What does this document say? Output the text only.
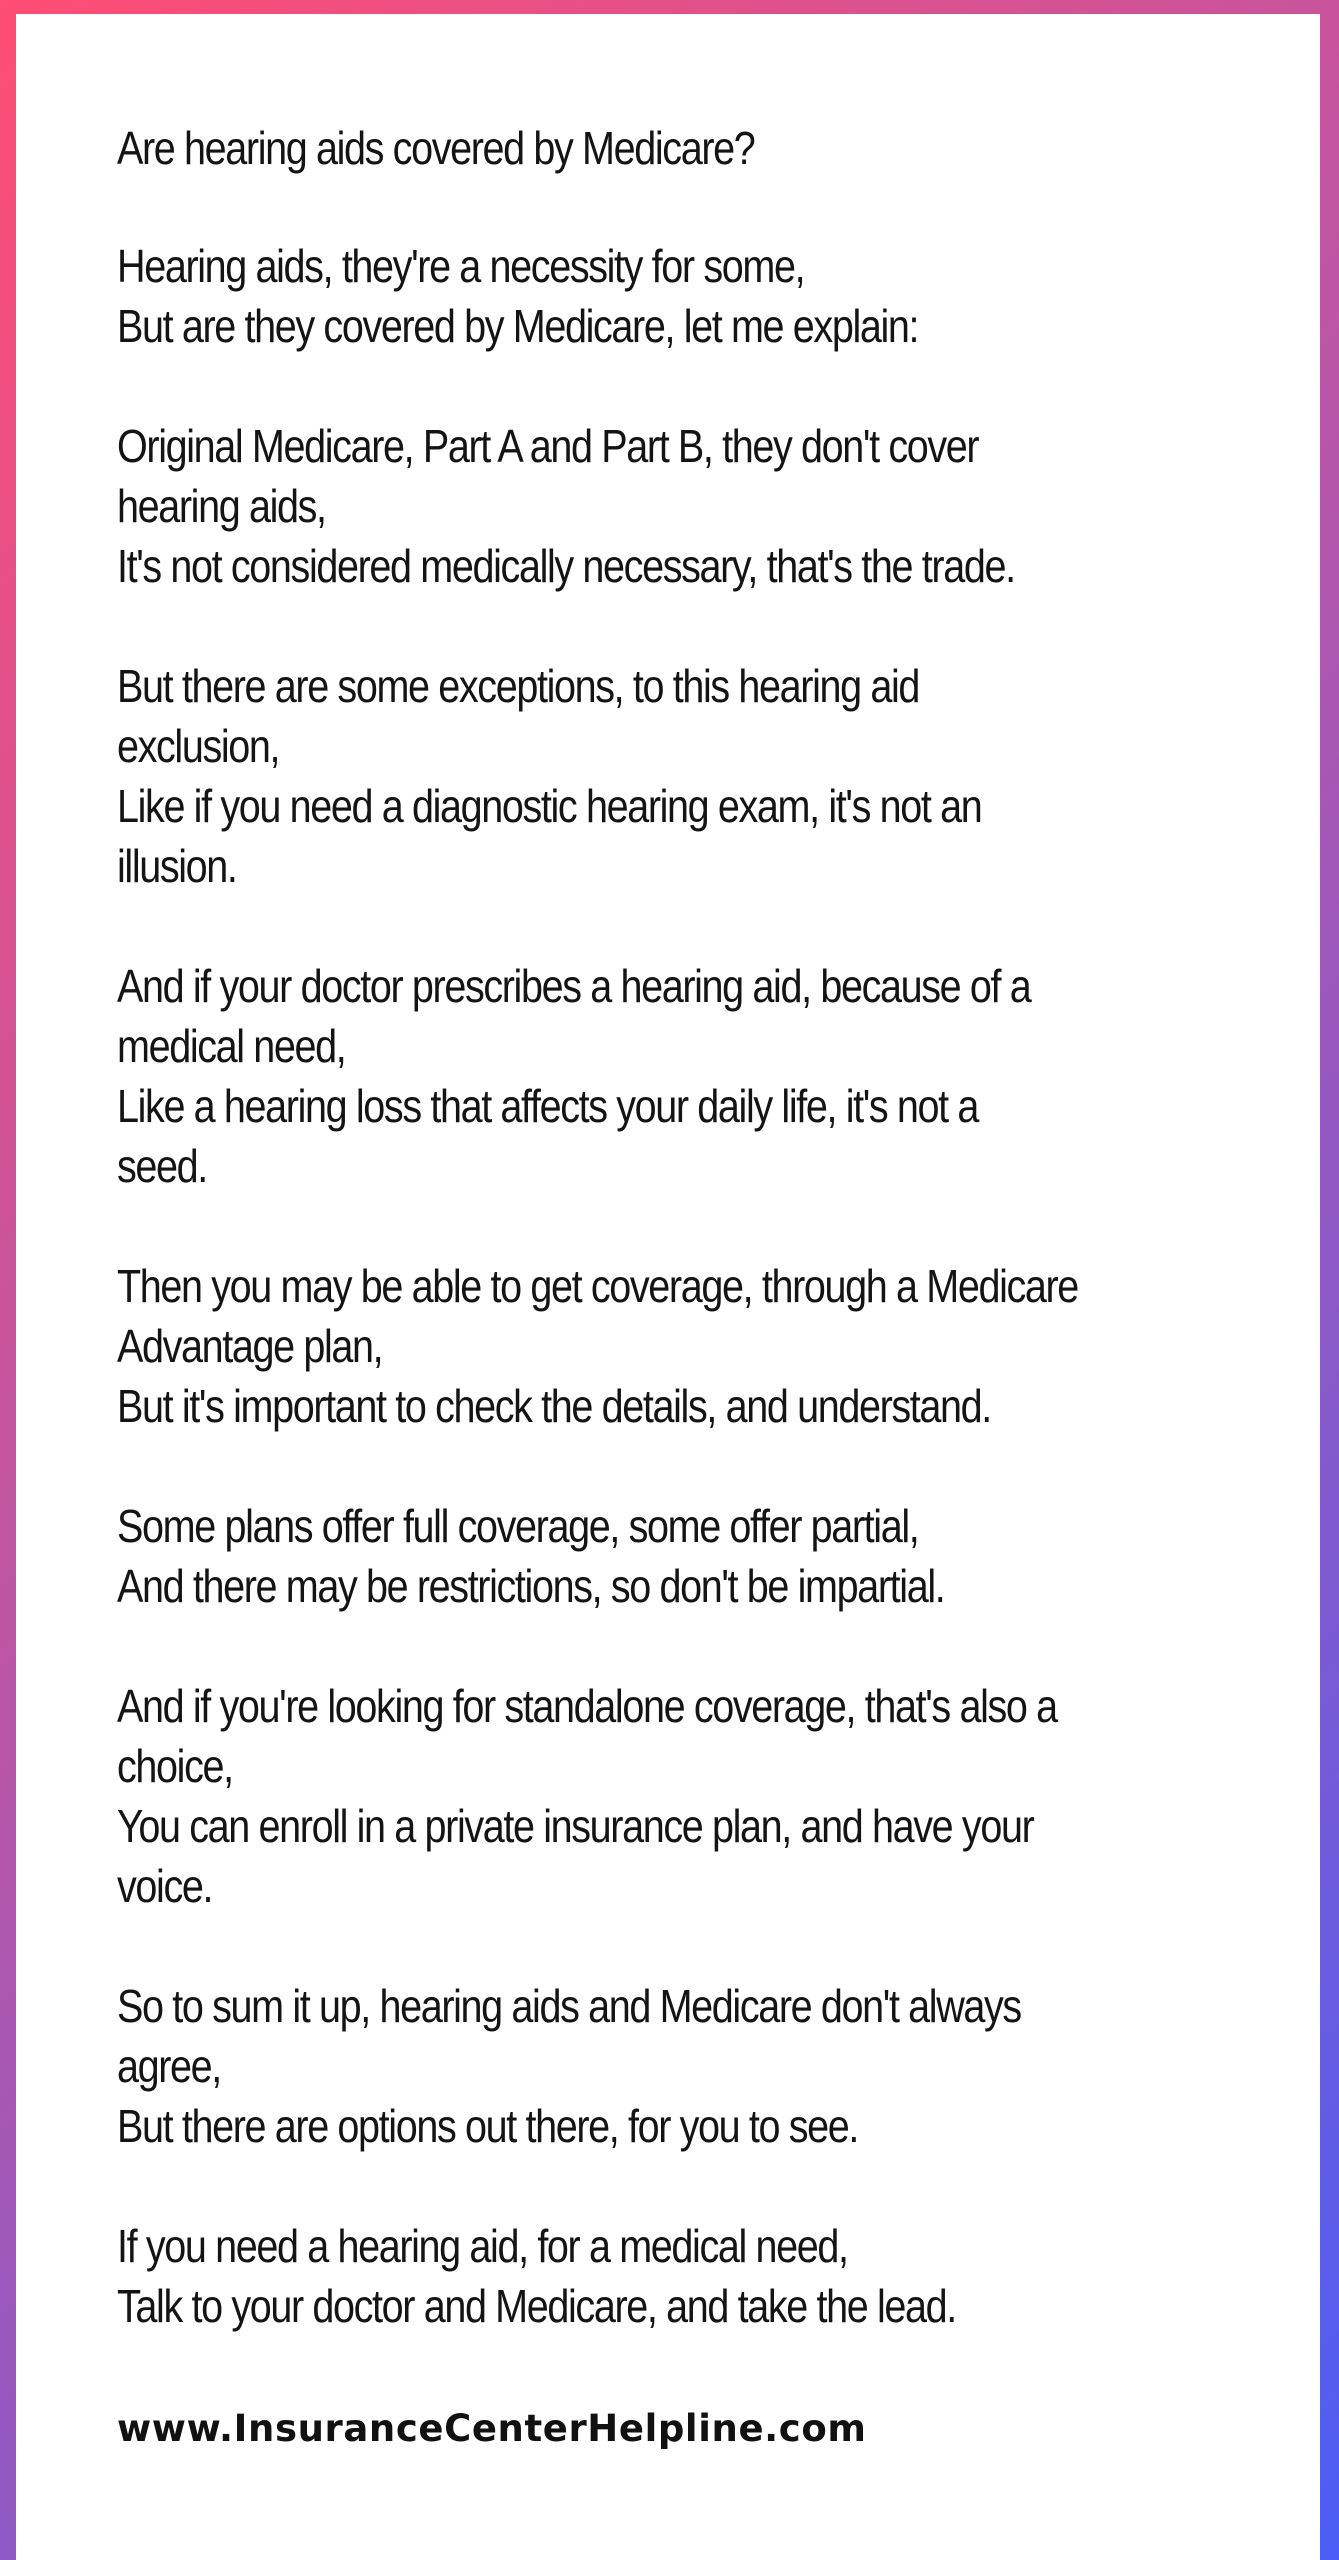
Are hearing aids covered by Medicare?
Hearing aids, they're a necessity for some,
But are they covered by Medicare, let me explain:
Original Medicare, Part A and Part B, they don't cover
hearing aids,
It's not considered medically necessary, that's the trade.
But there are some exceptions, to this hearing aid
exclusion,
Like if you need a diagnostic hearing exam, it's not an
illusion.
And if your doctor prescribes a hearing aid, because of a
medical need,
Like a hearing loss that affects your daily life, it's not a
seed.
Then you may be able to get coverage, through a Medicare
Advantage plan,
But it's important to check the details, and understand.
Some plans offer full coverage, some offer partial,
And there may be restrictions, so don't be impartial.
And if you're looking for standalone coverage, that's also a
choice,
You can enroll in a private insurance plan, and have your
voice.
So to sum it up, hearing aids and Medicare don't always
agree,
But there are options out there, for you to see.
If you need a hearing aid, for a medical need,
Talk to your doctor and Medicare, and take the lead.
www.InsuranceCenterHelpline.com
